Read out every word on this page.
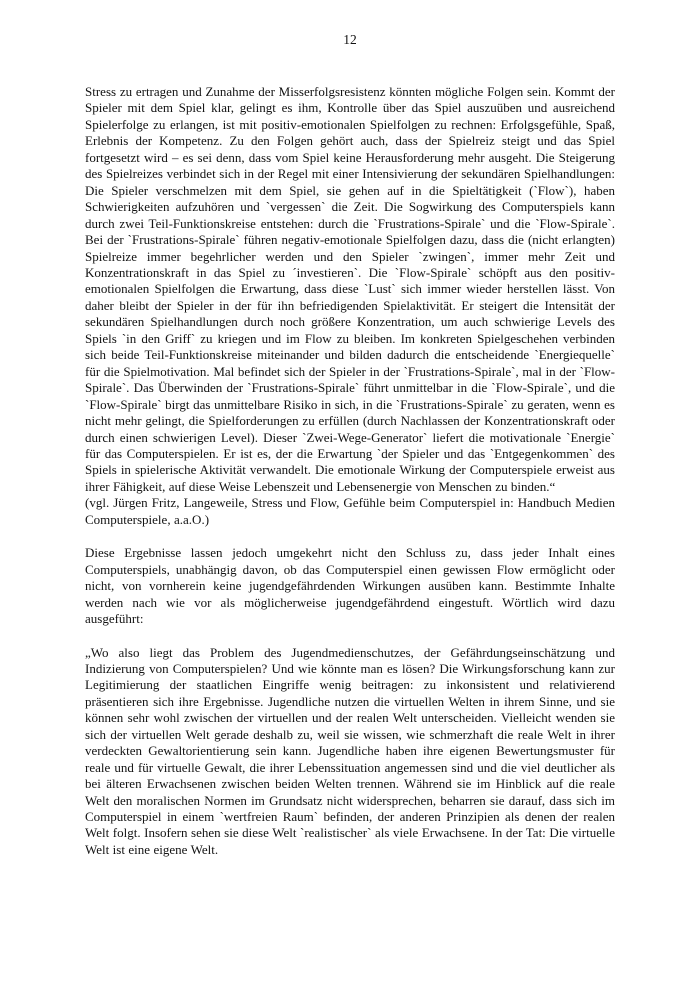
12

Stress zu ertragen und Zunahme der Misserfolgsresistenz könnten mögliche Folgen sein. Kommt der Spieler mit dem Spiel klar, gelingt es ihm, Kontrolle über das Spiel auszuüben und ausreichend Spielerfolge zu erlangen, ist mit positiv-emotionalen Spielfolgen zu rechnen: Erfolgsgefühle, Spaß, Erlebnis der Kompetenz. Zu den Folgen gehört auch, dass der Spielreiz steigt und das Spiel fortgesetzt wird – es sei denn, dass vom Spiel keine Herausforderung mehr ausgeht. Die Steigerung des Spielreizes verbindet sich in der Regel mit einer Intensivierung der sekundären Spielhandlungen: Die Spieler verschmelzen mit dem Spiel, sie gehen auf in die Spieltätigkeit (`Flow`), haben Schwierigkeiten aufzuhören und `vergessen` die Zeit. Die Sogwirkung des Computerspiels kann durch zwei Teil-Funktionskreise entstehen: durch die `Frustrations-Spirale` und die `Flow-Spirale`. Bei der `Frustrations-Spirale` führen negativ-emotionale Spielfolgen dazu, dass die (nicht erlangten) Spielreize immer begehrlicher werden und den Spieler `zwingen`, immer mehr Zeit und Konzentrationskraft in das Spiel zu ´investieren`. Die `Flow-Spirale` schöpft aus den positiv-emotionalen Spielfolgen die Erwartung, dass diese `Lust` sich immer wieder herstellen lässt. Von daher bleibt der Spieler in der für ihn befriedigenden Spielaktivität. Er steigert die Intensität der sekundären Spielhandlungen durch noch größere Konzentration, um auch schwierige Levels des Spiels `in den Griff` zu kriegen und im Flow zu bleiben. Im konkreten Spielgeschehen verbinden sich beide Teil-Funktionskreise miteinander und bilden dadurch die entscheidende `Energiequelle` für die Spielmotivation. Mal befindet sich der Spieler in der `Frustrations-Spirale`, mal in der `Flow-Spirale`. Das Überwinden der `Frustrations-Spirale` führt unmittelbar in die `Flow-Spirale`, und die `Flow-Spirale` birgt das unmittelbare Risiko in sich, in die `Frustrations-Spirale` zu geraten, wenn es nicht mehr gelingt, die Spielforderungen zu erfüllen (durch Nachlassen der Konzentrationskraft oder durch einen schwierigen Level). Dieser `Zwei-Wege-Generator` liefert die motivationale `Energie` für das Computerspielen. Er ist es, der die Erwartung `der Spieler und das `Entgegenkommen` des Spiels in spielerische Aktivität verwandelt. Die emotionale Wirkung der Computerspiele erweist aus ihrer Fähigkeit, auf diese Weise Lebenszeit und Lebensenergie von Menschen zu binden.“

(vgl. Jürgen Fritz, Langeweile, Stress und Flow, Gefühle beim Computerspiel in: Handbuch Medien Computerspiele, a.a.O.)

Diese Ergebnisse lassen jedoch umgekehrt nicht den Schluss zu, dass jeder Inhalt eines Computerspiels, unabhängig davon, ob das Computerspiel einen gewissen Flow ermöglicht oder nicht, von vornherein keine jugendgefährdenden Wirkungen ausüben kann. Bestimmte Inhalte werden nach wie vor als möglicherweise jugendgefährdend eingestuft. Wörtlich wird dazu ausgeführt:

„Wo also liegt das Problem des Jugendmedienschutzes, der Gefährdungseinschätzung und Indizierung von Computerspielen? Und wie könnte man es lösen? Die Wirkungsforschung kann zur Legitimierung der staatlichen Eingriffe wenig beitragen: zu inkonsistent und relativierend präsentieren sich ihre Ergebnisse. Jugendliche nutzen die virtuellen Welten in ihrem Sinne, und sie können sehr wohl zwischen der virtuellen und der realen Welt unterscheiden. Vielleicht wenden sie sich der virtuellen Welt gerade deshalb zu, weil sie wissen, wie schmerzhaft die reale Welt in ihrer verdeckten Gewaltorientierung sein kann. Jugendliche haben ihre eigenen Bewertungsmuster für reale und für virtuelle Gewalt, die ihrer Lebenssituation angemessen sind und die viel deutlicher als bei älteren Erwachsenen zwischen beiden Welten trennen. Während sie im Hinblick auf die reale Welt den moralischen Normen im Grundsatz nicht widersprechen, beharren sie darauf, dass sich im Computerspiel in einem `wertfreien Raum` befinden, der anderen Prinzipien als denen der realen Welt folgt. Insofern sehen sie diese Welt `realistischer` als viele Erwachsene. In der Tat: Die virtuelle Welt ist eine eigene Welt.
